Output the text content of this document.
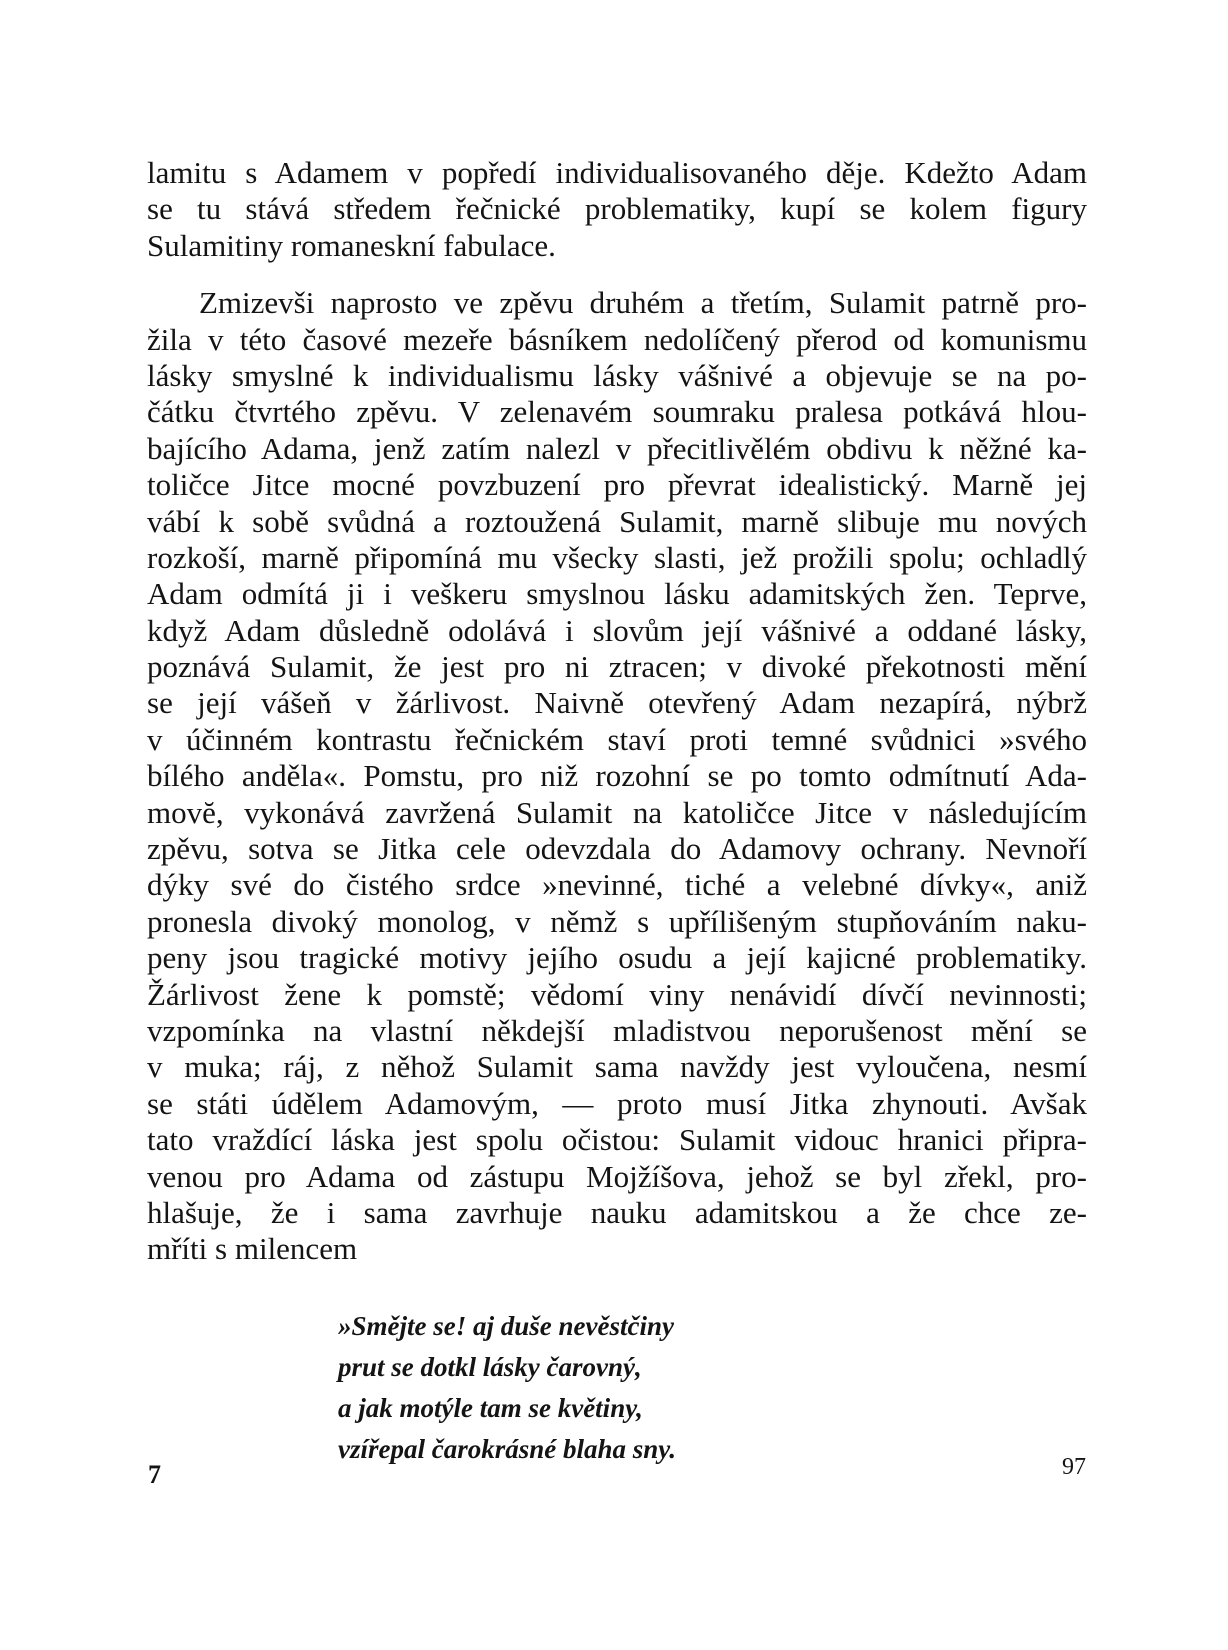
lamitu s Adamem v popředí individualisovaného děje. Kdežto Adam
se tu stává středem řečnické problematiky, kupí se kolem figury
Sulamitiny romaneskní fabulace.
Zmizevši naprosto ve zpěvu druhém a třetím, Sulamit patrně pro-
žila v této časové mezeře básníkem nedolíčený přerod od komunismu
lásky smyslné k individualismu lásky vášnivé a objevuje se na po-
čátku čtvrtého zpěvu. V zelenavém soumraku pralesa potkává hlou-
bajícího Adama, jenž zatím nalezl v přecitlivělém obdivu k něžné ka-
toličce Jitce mocné povzbuzení pro převrat idealistický. Marně jej
vábí k sobě svůdná a roztoužená Sulamit, marně slibuje mu nových
rozkoší, marně připomíná mu všecky slasti, jež prožili spolu; ochladlý
Adam odmítá ji i veškeru smyslnou lásku adamitských žen. Teprve,
když Adam důsledně odolává i slovům její vášnivé a oddané lásky,
poznává Sulamit, že jest pro ni ztracen; v divoké překotnosti mění
se její vášeň v žárlivost. Naivně otevřený Adam nezapírá, nýbrž
v účinném kontrastu řečnickém staví proti temné svůdnici »svého
bílého anděla«. Pomstu, pro niž rozohní se po tomto odmítnutí Ada-
movĕ, vykonává zavržená Sulamit na katoličce Jitce v následujícím
zpěvu, sotva se Jitka cele odevzdala do Adamovy ochrany. Nevnoří
dýky své do čistého srdce »nevinné, tiché a velebné dívky«, aniž
pronesla divoký monolog, v němž s upřílišeným stupňováním naku-
peny jsou tragické motivy jejího osudu a její kajicné problematiky.
Žárlivost žene k pomstě; vědomí viny nenávidí dívčí nevinnosti;
vzpomínka na vlastní někdejší mladistvou neporušenost mění se
v muka; ráj, z něhož Sulamit sama navždy jest vyloučena, nesmí
se státi údělem Adamovým, — proto musí Jitka zhynouti. Avšak
tato vraždící láska jest spolu očistou: Sulamit vidouc hranici připra-
venou pro Adama od zástupu Mojžíšova, jehož se byl zřekl, pro-
hlašuje, že i sama zavrhuje nauku adamitskou a že chce ze-
mříti s milencem
»Smějte se! aj duše nevěstčiny
prut se dotkl lásky čarovný,
a jak motýle tam se květiny,
vzířepal čarokrásné blaha sny.
7	97
